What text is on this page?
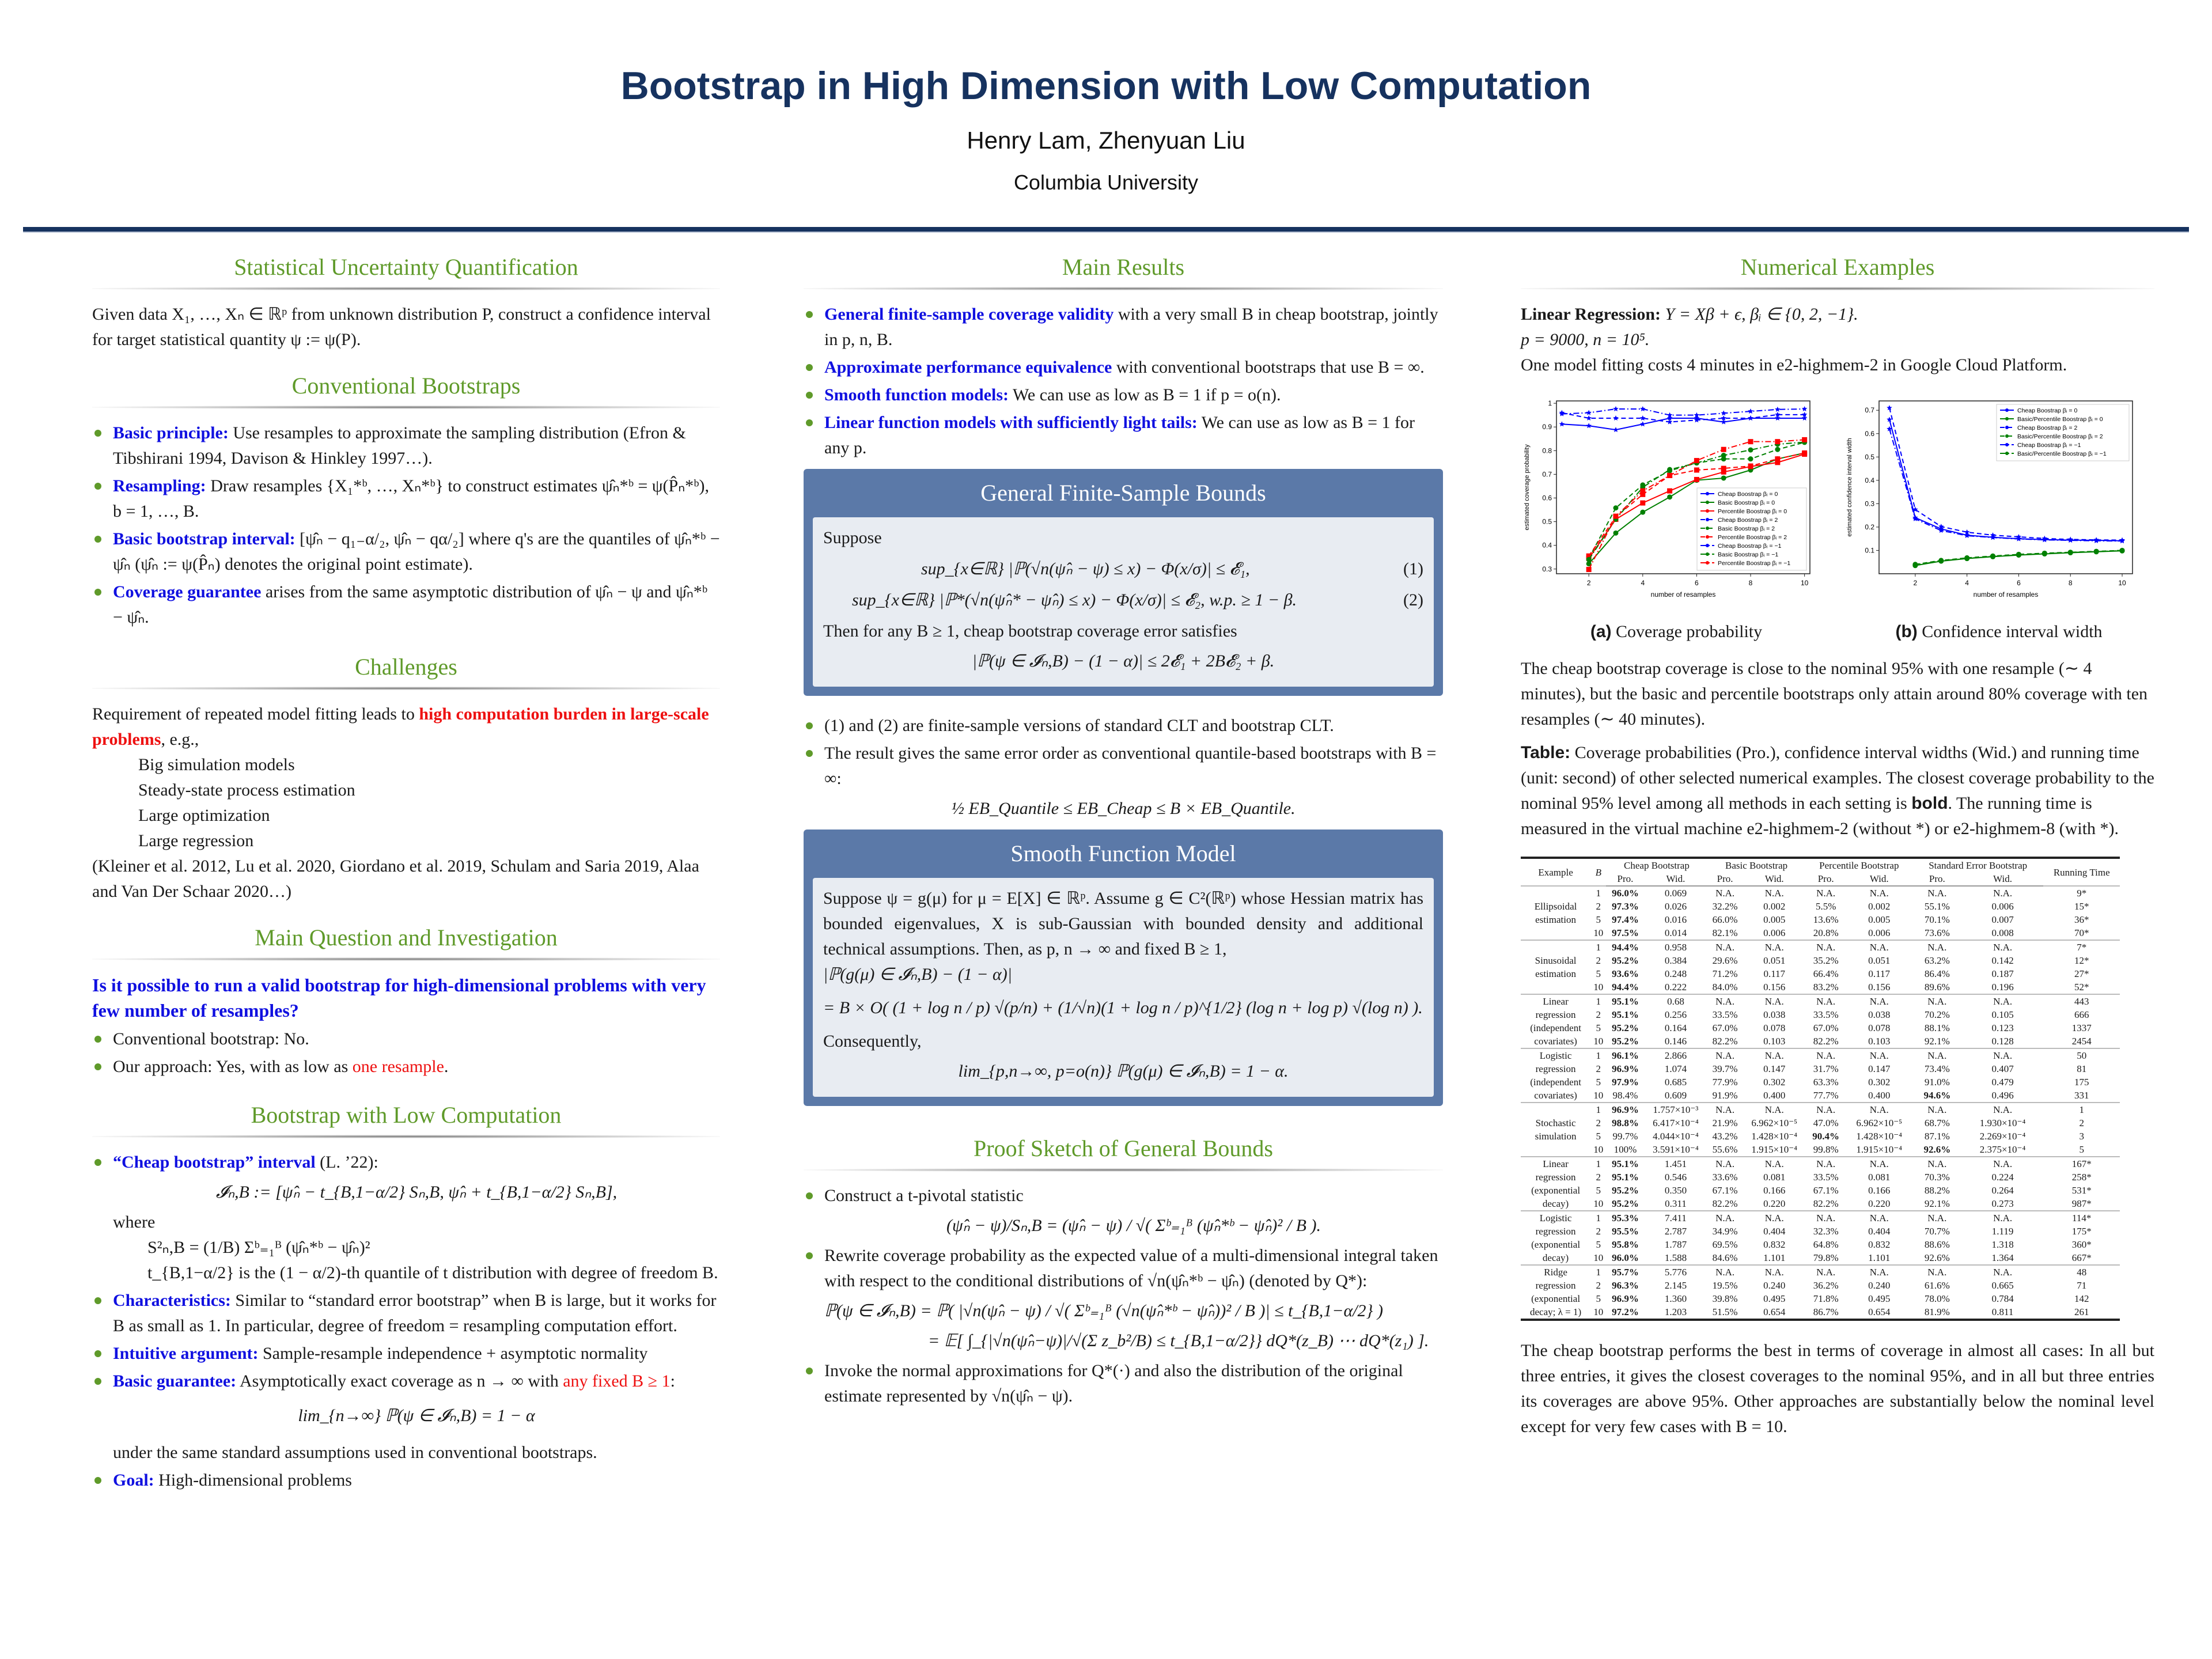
Bootstrap in High Dimension with Low Computation
Henry Lam, Zhenyuan Liu
Columbia University
Statistical Uncertainty Quantification

Given data X₁, …, Xₙ ∈ ℝᵖ from unknown distribution P, construct a confidence interval for target statistical quantity ψ := ψ(P).

Conventional Bootstraps
Basic principle: Use resamples to approximate the sampling distribution (Efron & Tibshirani 1994, Davison & Hinkley 1997…).
Resampling: Draw resamples {X₁*ᵇ, …, Xₙ*ᵇ} to construct estimates ψ̂ₙ*ᵇ = ψ(P̂ₙ*ᵇ), b = 1, …, B.
Basic bootstrap interval: [ψ̂ₙ − q₁₋α/₂, ψ̂ₙ − qα/₂] where q's are the quantiles of ψ̂ₙ*ᵇ − ψ̂ₙ (ψ̂ₙ := ψ(P̂ₙ) denotes the original point estimate).
Coverage guarantee arises from the same asymptotic distribution of ψ̂ₙ − ψ and ψ̂ₙ*ᵇ − ψ̂ₙ.
Challenges

Requirement of repeated model fitting leads to high computation burden in large-scale problems, e.g.,

Big simulation models
Steady-state process estimation
Large optimization
Large regression

(Kleiner et al. 2012, Lu et al. 2020, Giordano et al. 2019, Schulam and Saria 2019, Alaa and Van Der Schaar 2020…)

Main Question and Investigation

Is it possible to run a valid bootstrap for high-dimensional problems with very few number of resamples?

Conventional bootstrap: No.
Our approach: Yes, with as low as one resample.
Bootstrap with Low Computation
“Cheap bootstrap” interval (L. ’22):
𝓘ₙ,B := [ψ̂ₙ − t_{B,1−α/2} Sₙ,B, ψ̂ₙ + t_{B,1−α/2} Sₙ,B],
where
S²ₙ,B = (1/B) Σᵇ₌₁ᴮ (ψ̂ₙ*ᵇ − ψ̂ₙ)²
t_{B,1−α/2} is the (1 − α/2)-th quantile of t distribution with degree of freedom B.
Characteristics: Similar to “standard error bootstrap” when B is large, but it works for B as small as 1. In particular, degree of freedom = resampling computation effort.
Intuitive argument: Sample-resample independence + asymptotic normality
Basic guarantee: Asymptotically exact coverage as n → ∞ with any fixed B ≥ 1:
lim_{n→∞} ℙ(ψ ∈ 𝓘ₙ,B) = 1 − α
under the same standard assumptions used in conventional bootstraps.
Goal: High-dimensional problems
Main Results
General finite-sample coverage validity with a very small B in cheap bootstrap, jointly in p, n, B.
Approximate performance equivalence with conventional bootstraps that use B = ∞.
Smooth function models: We can use as low as B = 1 if p = o(n).
Linear function models with sufficiently light tails: We can use as low as B = 1 for any p.
General Finite-Sample Bounds
Suppose
sup_{x∈ℝ} |ℙ(√n(ψ̂ₙ − ψ) ≤ x) − Φ(x/σ)| ≤ 𝓔₁,	(1)
sup_{x∈ℝ} |ℙ*(√n(ψ̂ₙ* − ψ̂ₙ) ≤ x) − Φ(x/σ)| ≤ 𝓔₂, w.p. ≥ 1 − β.	(2)
Then for any B ≥ 1, cheap bootstrap coverage error satisfies
|ℙ(ψ ∈ 𝓘ₙ,B) − (1 − α)| ≤ 2𝓔₁ + 2B𝓔₂ + β.
(1) and (2) are finite-sample versions of standard CLT and bootstrap CLT.
The result gives the same error order as conventional quantile-based bootstraps with B = ∞:
½ EB_Quantile ≤ EB_Cheap ≤ B × EB_Quantile.
Smooth Function Model

Suppose ψ = g(μ) for μ = E[X] ∈ ℝᵖ. Assume g ∈ C²(ℝᵖ) whose Hessian matrix has bounded eigenvalues, X is sub-Gaussian with bounded density and additional technical assumptions. Then, as p, n → ∞ and fixed B ≥ 1,

|ℙ(g(μ) ∈ 𝓘ₙ,B) − (1 − α)|
= B × O( (1 + log n / p) √(p/n) + (1/√n)(1 + log n / p)^{1/2} (log n + log p) √(log n) ).
Consequently,
lim_{p,n→∞, p=o(n)} ℙ(g(μ) ∈ 𝓘ₙ,B) = 1 − α.
Proof Sketch of General Bounds
Construct a t-pivotal statistic
(ψ̂ₙ − ψ)/Sₙ,B = (ψ̂ₙ − ψ) / √( Σᵇ₌₁ᴮ (ψ̂ₙ*ᵇ − ψ̂ₙ)² / B ).
Rewrite coverage probability as the expected value of a multi-dimensional integral taken with respect to the conditional distributions of √n(ψ̂ₙ*ᵇ − ψ̂ₙ) (denoted by Q*):
ℙ(ψ ∈ 𝓘ₙ,B) = ℙ( |√n(ψ̂ₙ − ψ) / √( Σᵇ₌₁ᴮ (√n(ψ̂ₙ*ᵇ − ψ̂ₙ))² / B )| ≤ t_{B,1−α/2} )
= 𝔼[ ∫_{|√n(ψ̂ₙ−ψ)|/√(Σ z_b²/B) ≤ t_{B,1−α/2}} dQ*(z_B) ⋯ dQ*(z₁) ].
Invoke the normal approximations for Q*(·) and also the distribution of the original estimate represented by √n(ψ̂ₙ − ψ).
Numerical Examples
Linear Regression: Y = Xβ + ϵ, βᵢ ∈ {0, 2, −1}.
p = 9000, n = 10⁵.
One model fitting costs 4 minutes in e2-highmem-2 in Google Cloud Platform.
2	4	6	8	10
0.3
0.4
0.5
0.6
0.7
0.8
0.9
1
number of resamples
estimated coverage probability	Cheap Boostrap βᵢ = 0
Basic Boostrap βᵢ = 0
Percentile Boostrap βᵢ = 0
Cheap Boostrap βᵢ = 2
Basic Boostrap βᵢ = 2
Percentile Boostrap βᵢ = 2
Cheap Boostrap βᵢ = −1
Basic Boostrap βᵢ = −1
Percentile Boostrap βᵢ = −1
(a) Coverage probability
2	4	6	8	10
0.1
0.2
0.3
0.4
0.5
0.6
0.7
number of resamples
estimated confidence interval width
Cheap Boostrap βᵢ = 0
Basic/Percentile Boostrap βᵢ = 0
Cheap Boostrap βᵢ = 2
Basic/Percentile Boostrap βᵢ = 2
Cheap Boostrap βᵢ = −1
Basic/Percentile Boostrap βᵢ = −1
(b) Confidence interval width

The cheap bootstrap coverage is close to the nominal 95% with one resample (∼ 4 minutes), but the basic and percentile bootstraps only attain around 80% coverage with ten resamples (∼ 40 minutes).

Table: Coverage probabilities (Pro.), confidence interval widths (Wid.) and running time (unit: second) of other selected numerical examples. The closest coverage probability to the nominal 95% level among all methods in each setting is bold. The running time is measured in the virtual machine e2-highmem-2 (without *) or e2-highmem-8 (with *).

Example	B	Cheap Bootstrap		Basic Bootstrap		Percentile Bootstrap		Standard Error Bootstrap		Running Time
		Pro.	Wid.	Pro.	Wid.	Pro.	Wid.	Pro.	Wid.	
	1	96.0%	0.069	N.A.	N.A.	N.A.	N.A.	N.A.	N.A.	9*
Ellipsoidal	2	97.3%	0.026	32.2%	0.002	5.5%	0.002	55.1%	0.006	15*
estimation	5	97.4%	0.016	66.0%	0.005	13.6%	0.005	70.1%	0.007	36*
	10	97.5%	0.014	82.1%	0.006	20.8%	0.006	73.6%	0.008	70*
	1	94.4%	0.958	N.A.	N.A.	N.A.	N.A.	N.A.	N.A.	7*
Sinusoidal	2	95.2%	0.384	29.6%	0.051	35.2%	0.051	63.2%	0.142	12*
estimation	5	93.6%	0.248	71.2%	0.117	66.4%	0.117	86.4%	0.187	27*
	10	94.4%	0.222	84.0%	0.156	83.2%	0.156	89.6%	0.196	52*
Linear	1	95.1%	0.68	N.A.	N.A.	N.A.	N.A.	N.A.	N.A.	443
regression	2	95.1%	0.256	33.5%	0.038	33.5%	0.038	70.2%	0.105	666
(independent	5	95.2%	0.164	67.0%	0.078	67.0%	0.078	88.1%	0.123	1337
covariates)	10	95.2%	0.146	82.2%	0.103	82.2%	0.103	92.1%	0.128	2454
Logistic	1	96.1%	2.866	N.A.	N.A.	N.A.	N.A.	N.A.	N.A.	50
regression	2	96.9%	1.074	39.7%	0.147	31.7%	0.147	73.4%	0.407	81
(independent	5	97.9%	0.685	77.9%	0.302	63.3%	0.302	91.0%	0.479	175
covariates)	10	98.4%	0.609	91.9%	0.400	77.7%	0.400	94.6%	0.496	331
	1	96.9%	1.757×10⁻³	N.A.	N.A.	N.A.	N.A.	N.A.	N.A.	1
Stochastic	2	98.8%	6.417×10⁻⁴	21.9%	6.962×10⁻⁵	47.0%	6.962×10⁻⁵	68.7%	1.930×10⁻⁴	2
simulation	5	99.7%	4.044×10⁻⁴	43.2%	1.428×10⁻⁴	90.4%	1.428×10⁻⁴	87.1%	2.269×10⁻⁴	3
	10	100%	3.591×10⁻⁴	55.6%	1.915×10⁻⁴	99.8%	1.915×10⁻⁴	92.6%	2.375×10⁻⁴	5
Linear	1	95.1%	1.451	N.A.	N.A.	N.A.	N.A.	N.A.	N.A.	167*
regression	2	95.1%	0.546	33.6%	0.081	33.5%	0.081	70.3%	0.224	258*
(exponential	5	95.2%	0.350	67.1%	0.166	67.1%	0.166	88.2%	0.264	531*
decay)	10	95.2%	0.311	82.2%	0.220	82.2%	0.220	92.1%	0.273	987*
Logistic	1	95.3%	7.411	N.A.	N.A.	N.A.	N.A.	N.A.	N.A.	114*
regression	2	95.5%	2.787	34.9%	0.404	32.3%	0.404	70.7%	1.119	175*
(exponential	5	95.8%	1.787	69.5%	0.832	64.8%	0.832	88.6%	1.318	360*
decay)	10	96.0%	1.588	84.6%	1.101	79.8%	1.101	92.6%	1.364	667*
Ridge	1	95.7%	5.776	N.A.	N.A.	N.A.	N.A.	N.A.	N.A.	48
regression	2	96.3%	2.145	19.5%	0.240	36.2%	0.240	61.6%	0.665	71
(exponential	5	96.9%	1.360	39.8%	0.495	71.8%	0.495	78.0%	0.784	142
decay; λ = 1)	10	97.2%	1.203	51.5%	0.654	86.7%	0.654	81.9%	0.811	261

The cheap bootstrap performs the best in terms of coverage in almost all cases: In all but three entries, it gives the closest coverages to the nominal 95%, and in all but three entries its coverages are above 95%. Other approaches are substantially below the nominal level except for very few cases with B = 10.
